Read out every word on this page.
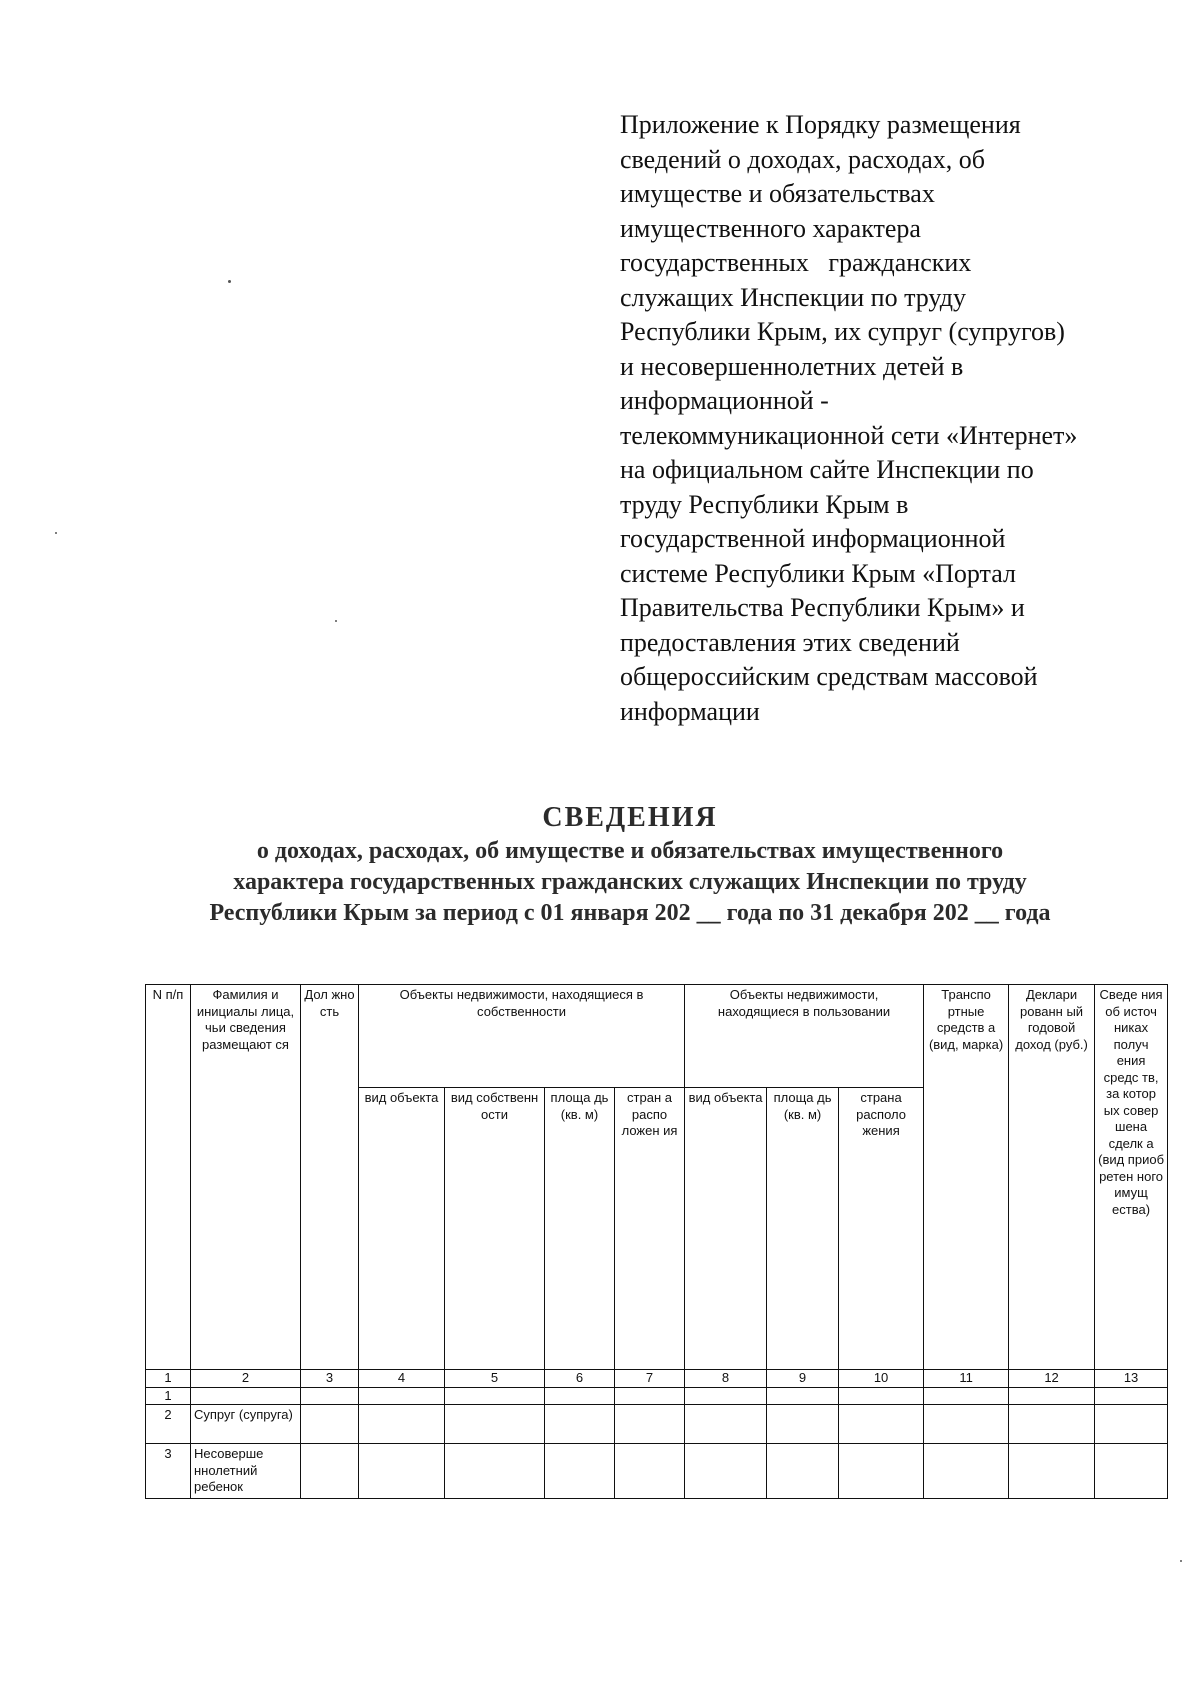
Приложение к Порядку размещения
сведений о доходах, расходах, об
имуществе и обязательствах
имущественного характера
государственных   гражданских
служащих Инспекции по труду
Республики Крым, их супруг (супругов)
и несовершеннолетних детей в
информационной -
телекоммуникационной сети «Интернет»
на официальном сайте Инспекции по
труду Республики Крым в
государственной информационной
системе Республики Крым «Портал
Правительства Республики Крым» и
предоставления этих сведений
общероссийским средствам массовой
информации
СВЕДЕНИЯ
о доходах, расходах, об имуществе и обязательствах имущественного
характера государственных гражданских служащих Инспекции по труду
Республики Крым за период с 01 января 202 __ года по 31 декабря 202 __ года
N п/п	Фамилия и инициалы лица, чьи сведения размещают ся	Дол жно сть	Объекты недвижимости, находящиеся в собственности				Объекты недвижимости, находящиеся в пользовании			Транспо ртные средств а (вид, марка)	Деклари рованн ый годовой доход (руб.)	Сведе ния об источ никах получ ения средс тв, за котор ых совер шена сделк а (вид приоб ретен ного имущ ества)
			вид объекта	вид собственн ости	площа дь (кв. м)	стран а распо ложен ия	вид объекта	площа дь (кв. м)	страна располо жения			
1	2	3	4	5	6	7	8	9	10	11	12	13
1												
2	Супруг (супруга)											
3	Несоверше ннолетний ребенок											
